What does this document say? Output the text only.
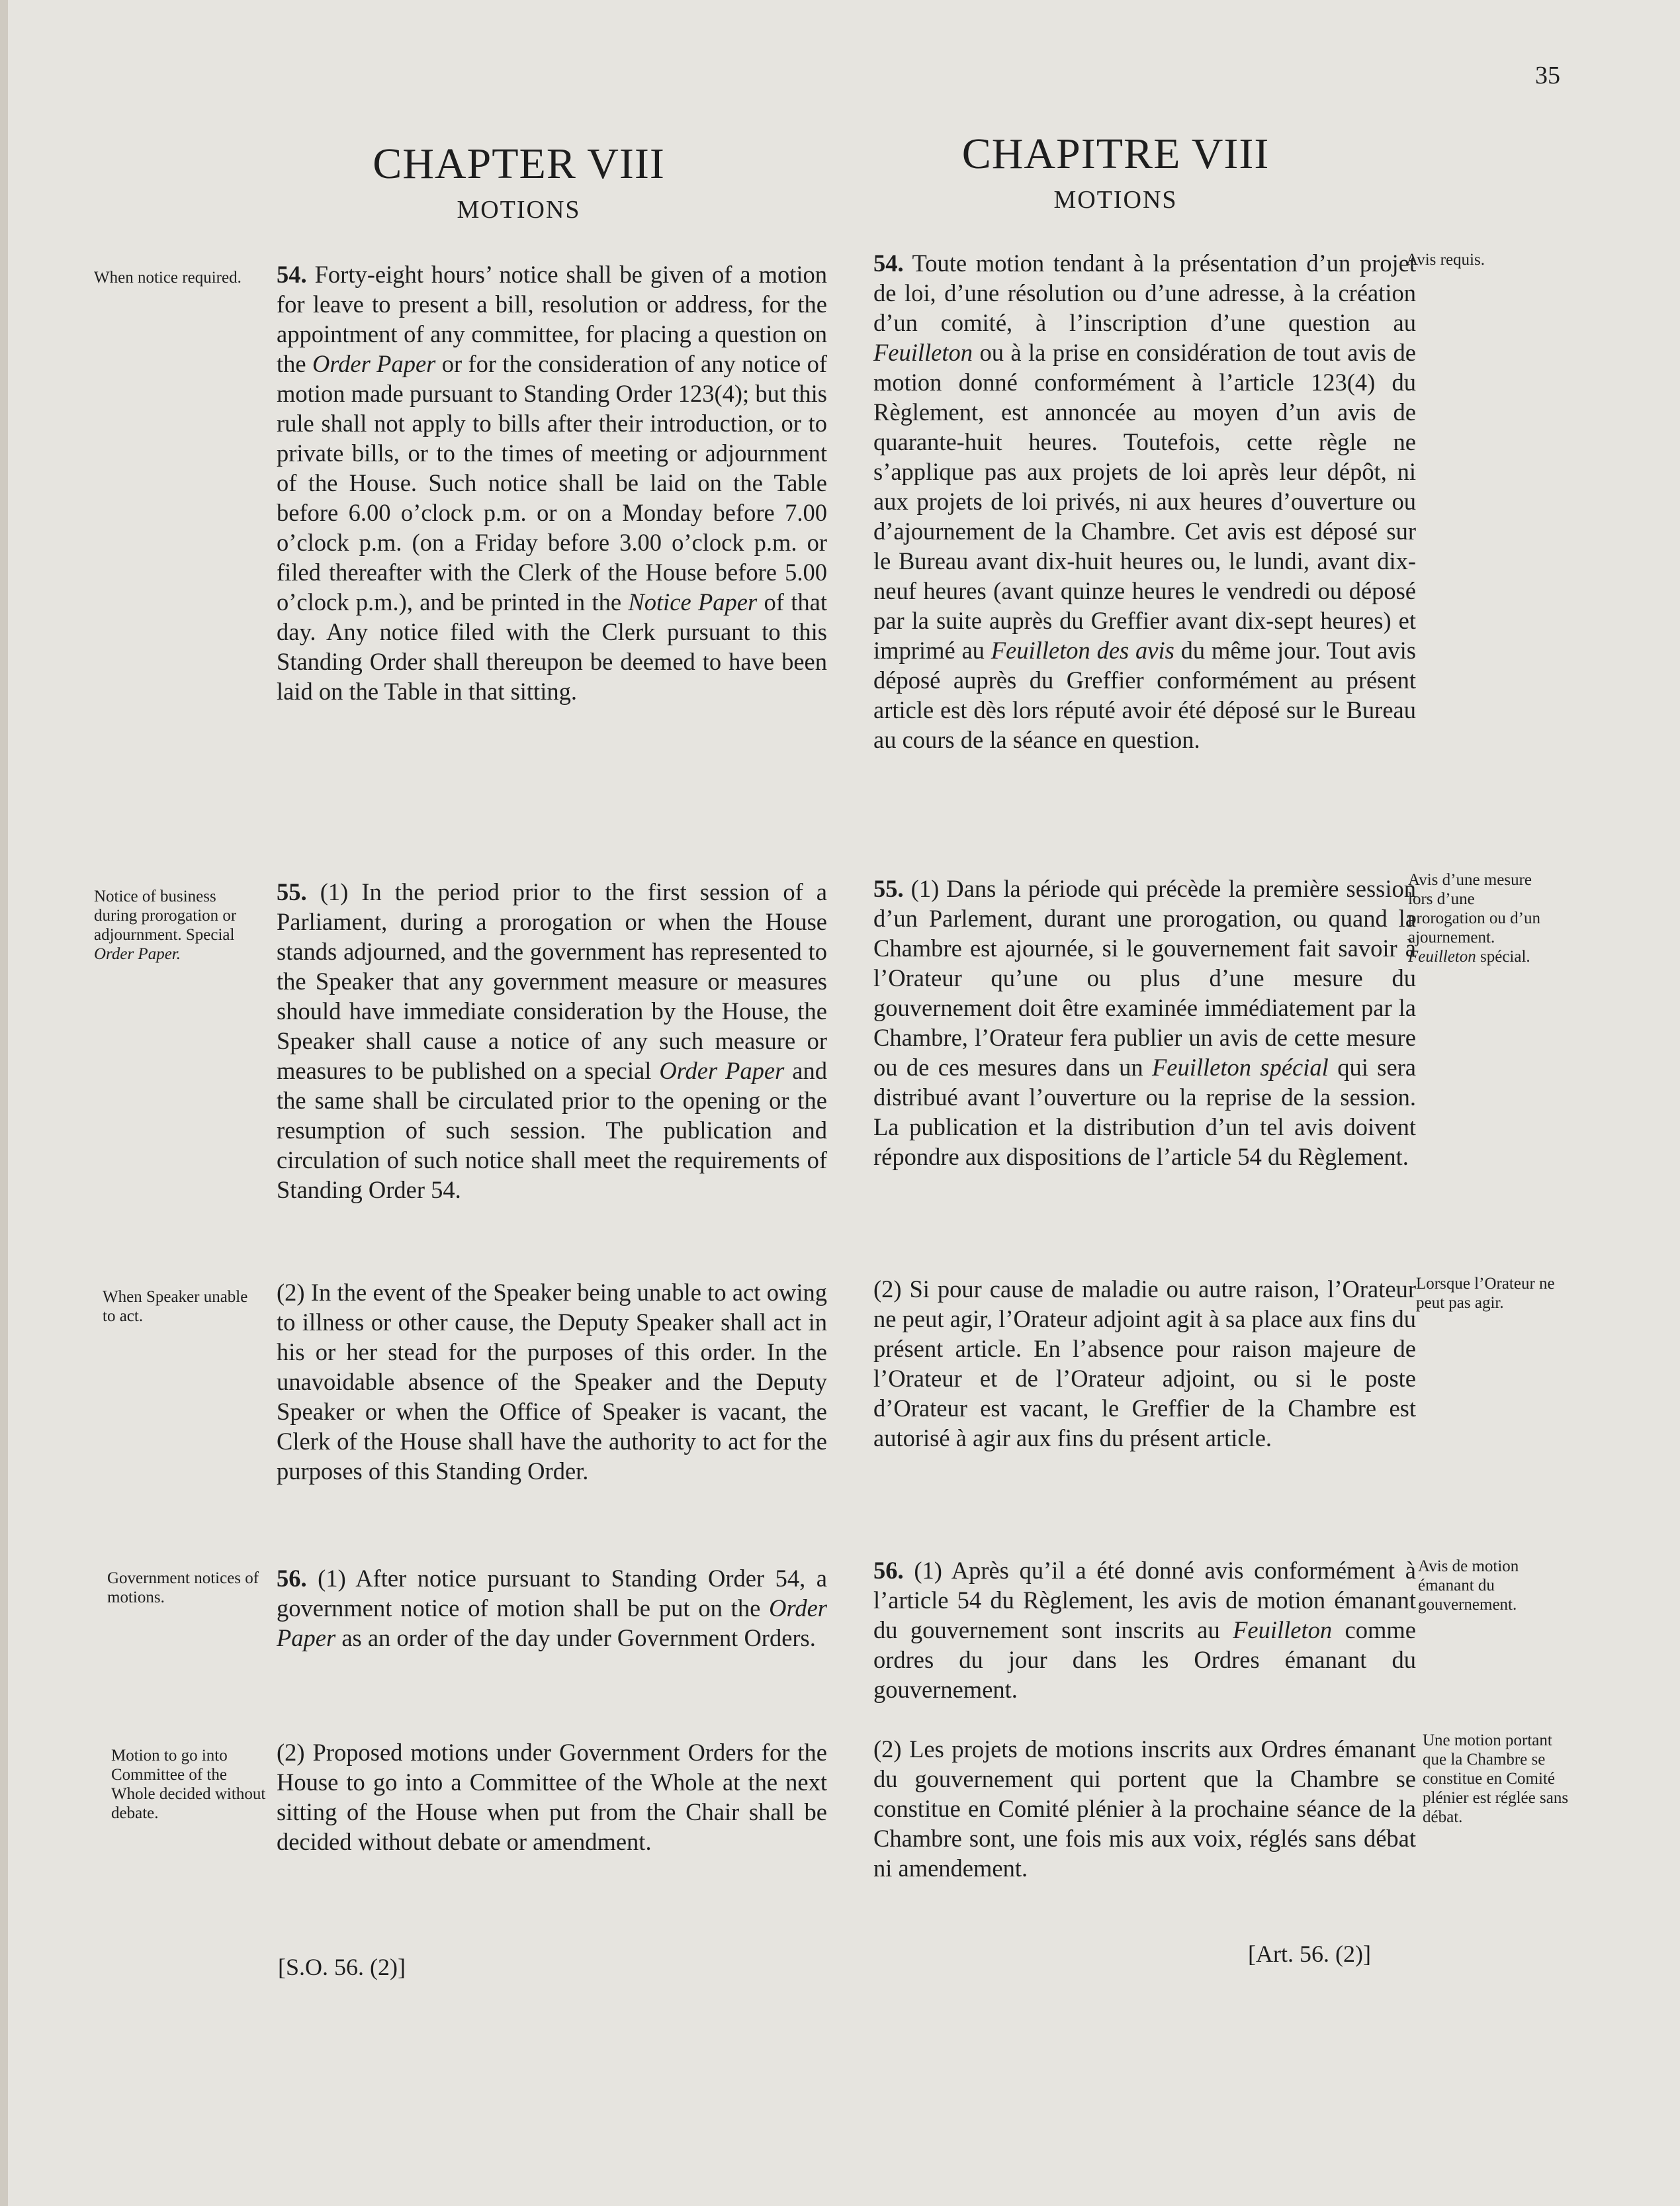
35
CHAPTER VIII
MOTIONS
CHAPITRE VIII
MOTIONS
When notice required.
Notice of business during prorogation or adjournment. Special Order Paper.
When Speaker unable to act.
Government notices of motions.
Motion to go into Committee of the Whole decided without debate.
54. Forty-eight hours’ notice shall be given of a motion for leave to present a bill, resolution or address, for the appointment of any committee, for placing a question on the Order Paper or for the consideration of any notice of motion made pursuant to Standing Order 123(4); but this rule shall not apply to bills after their introduction, or to private bills, or to the times of meeting or adjournment of the House. Such notice shall be laid on the Table before 6.00 o’clock p.m. or on a Monday before 7.00 o’clock p.m. (on a Friday before 3.00 o’clock p.m. or filed thereafter with the Clerk of the House before 5.00 o’clock p.m.), and be printed in the Notice Paper of that day. Any notice filed with the Clerk pursuant to this Standing Order shall thereupon be deemed to have been laid on the Table in that sitting.
55. (1) In the period prior to the first session of a Parliament, during a prorogation or when the House stands adjourned, and the government has represented to the Speaker that any government measure or measures should have immediate consideration by the House, the Speaker shall cause a notice of any such measure or measures to be published on a special Order Paper and the same shall be circulated prior to the opening or the resumption of such session. The publication and circulation of such notice shall meet the requirements of Standing Order 54.
(2) In the event of the Speaker being unable to act owing to illness or other cause, the Deputy Speaker shall act in his or her stead for the purposes of this order. In the unavoidable absence of the Speaker and the Deputy Speaker or when the Office of Speaker is vacant, the Clerk of the House shall have the authority to act for the purposes of this Standing Order.
56. (1) After notice pursuant to Standing Order 54, a government notice of motion shall be put on the Order Paper as an order of the day under Government Orders.
(2) Proposed motions under Government Orders for the House to go into a Committee of the Whole at the next sitting of the House when put from the Chair shall be decided without debate or amendment.
[S.O. 56. (2)]
54. Toute motion tendant à la présentation d’un projet de loi, d’une résolution ou d’une adresse, à la création d’un comité, à l’inscription d’une question au Feuilleton ou à la prise en considération de tout avis de motion donné conformément à l’article 123(4) du Règlement, est annoncée au moyen d’un avis de quarante-huit heures. Toutefois, cette règle ne s’applique pas aux projets de loi après leur dépôt, ni aux projets de loi privés, ni aux heures d’ouverture ou d’ajournement de la Chambre. Cet avis est déposé sur le Bureau avant dix-huit heures ou, le lundi, avant dix-neuf heures (avant quinze heures le vendredi ou déposé par la suite auprès du Greffier avant dix-sept heures) et imprimé au Feuilleton des avis du même jour. Tout avis déposé auprès du Greffier conformément au présent article est dès lors réputé avoir été déposé sur le Bureau au cours de la séance en question.
55. (1) Dans la période qui précède la première session d’un Parlement, durant une prorogation, ou quand la Chambre est ajournée, si le gouvernement fait savoir à l’Orateur qu’une ou plus d’une mesure du gouvernement doit être examinée immédiatement par la Chambre, l’Orateur fera publier un avis de cette mesure ou de ces mesures dans un Feuilleton spécial qui sera distribué avant l’ouverture ou la reprise de la session. La publication et la distribution d’un tel avis doivent répondre aux dispositions de l’article 54 du Règlement.
(2) Si pour cause de maladie ou autre raison, l’Orateur ne peut agir, l’Orateur adjoint agit à sa place aux fins du présent article. En l’absence pour raison majeure de l’Orateur et de l’Orateur adjoint, ou si le poste d’Orateur est vacant, le Greffier de la Chambre est autorisé à agir aux fins du présent article.
56. (1) Après qu’il a été donné avis conformément à l’article 54 du Règlement, les avis de motion émanant du gouvernement sont inscrits au Feuilleton comme ordres du jour dans les Ordres émanant du gouvernement.
(2) Les projets de motions inscrits aux Ordres émanant du gouvernement qui portent que la Chambre se constitue en Comité plénier à la prochaine séance de la Chambre sont, une fois mis aux voix, réglés sans débat ni amendement.
[Art. 56. (2)]
Avis requis.
Avis d’une mesure lors d’une prorogation ou d’un ajournement. Feuilleton spécial.
Lorsque l’Orateur ne peut pas agir.
Avis de motion émanant du gouvernement.
Une motion portant que la Chambre se constitue en Comité plénier est réglée sans débat.
